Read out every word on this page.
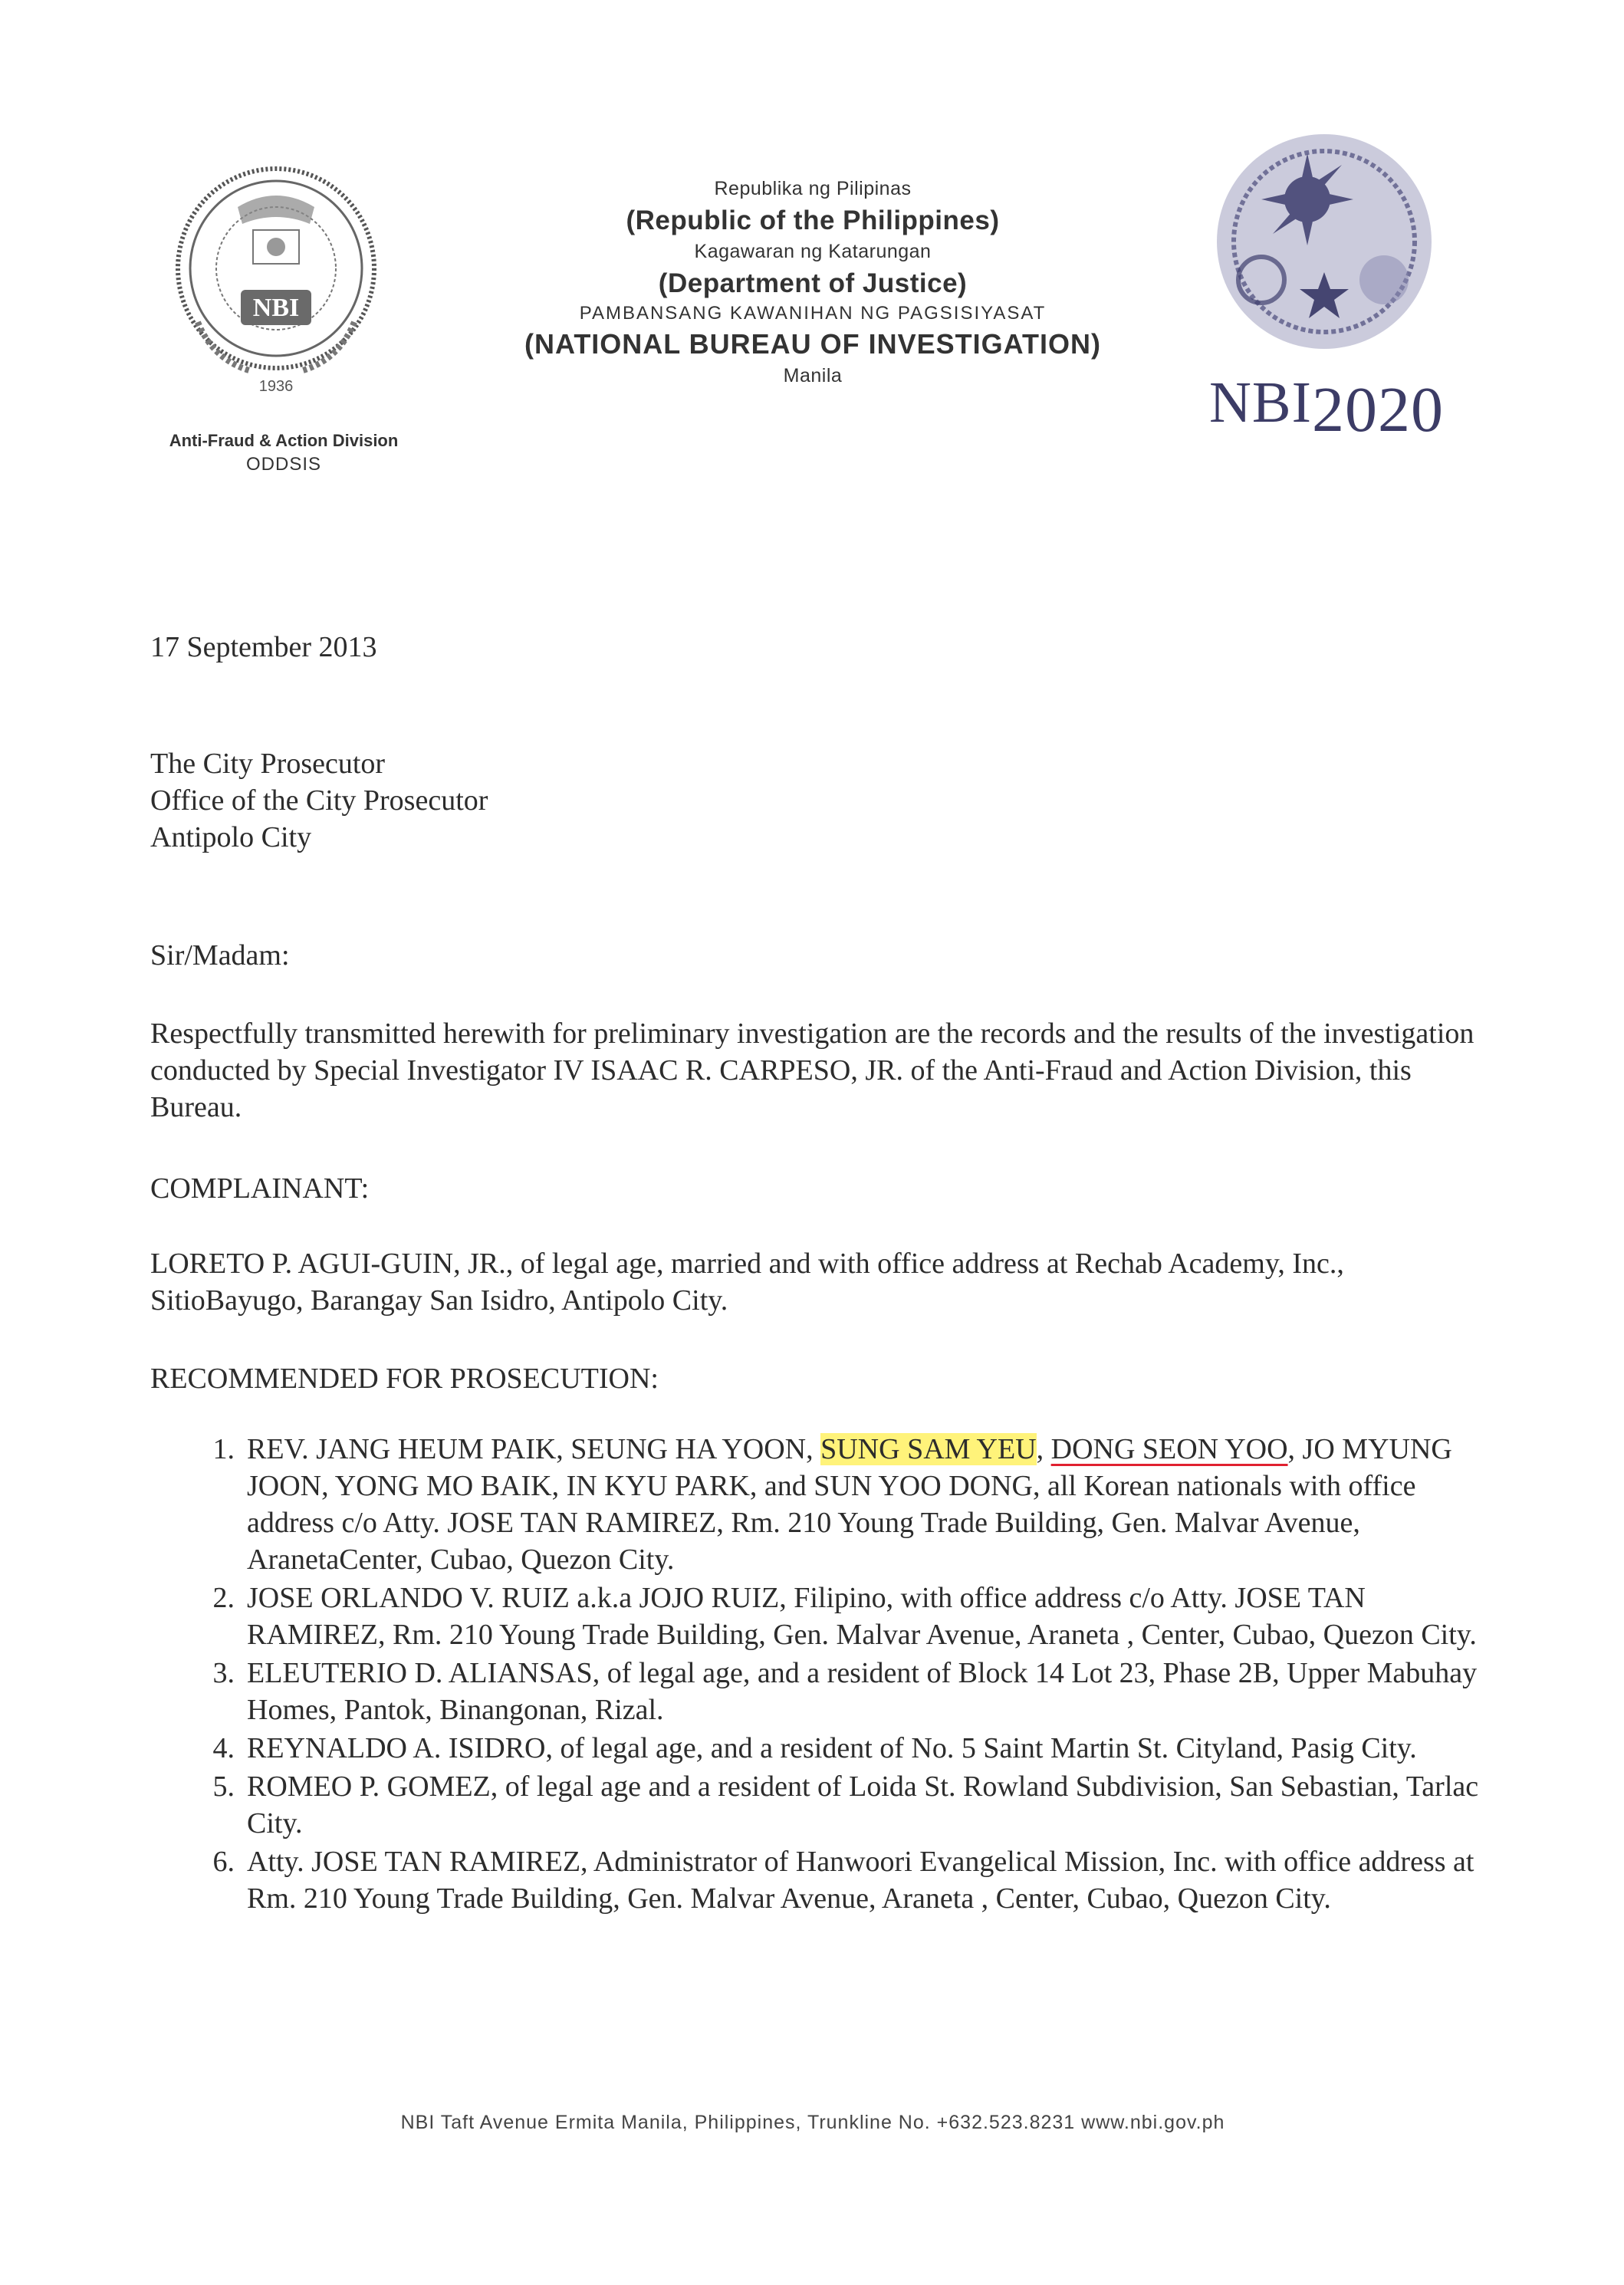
NBI
1936
Anti-Fraud & Action Division
ODDSIS
Republika ng Pilipinas
(Republic of the Philippines)
Kagawaran ng Katarungan
(Department of Justice)
PAMBANSANG KAWANIHAN NG PAGSISIYASAT
(NATIONAL BUREAU OF INVESTIGATION)
Manila	NBI2020
17 September 2013
The City Prosecutor
Office of the City Prosecutor
Antipolo City
Sir/Madam:
Respectfully transmitted herewith for preliminary investigation are the records and the results of the investigation conducted by Special Investigator IV ISAAC R. CARPESO, JR. of the Anti-Fraud and Action Division, this Bureau.
COMPLAINANT:
LORETO P. AGUI-GUIN, JR., of legal age, married and with office address at Rechab Academy, Inc., SitioBayugo, Barangay San Isidro, Antipolo City.
RECOMMENDED FOR PROSECUTION:
1. REV. JANG HEUM PAIK, SEUNG HA YOON, SUNG SAM YEU, DONG SEON YOO, JO MYUNG JOON, YONG MO BAIK, IN KYU PARK, and SUN YOO DONG, all Korean nationals with office address c/o Atty. JOSE TAN RAMIREZ, Rm. 210 Young Trade Building, Gen. Malvar Avenue, AranetaCenter, Cubao, Quezon City.
2. JOSE ORLANDO V. RUIZ a.k.a JOJO RUIZ, Filipino, with office address c/o Atty. JOSE TAN RAMIREZ, Rm. 210 Young Trade Building, Gen. Malvar Avenue, Araneta , Center, Cubao, Quezon City.
3. ELEUTERIO D. ALIANSAS, of legal age, and a resident of Block 14 Lot 23, Phase 2B, Upper Mabuhay Homes, Pantok, Binangonan, Rizal.
4. REYNALDO A. ISIDRO, of legal age, and a resident of No. 5 Saint Martin St. Cityland, Pasig City.
5. ROMEO P. GOMEZ, of legal age and a resident of Loida St. Rowland Subdivision, San Sebastian, Tarlac City.
6. Atty. JOSE TAN RAMIREZ, Administrator of Hanwoori Evangelical Mission, Inc. with office address at Rm. 210 Young Trade Building, Gen. Malvar Avenue, Araneta , Center, Cubao, Quezon City.
NBI Taft Avenue Ermita Manila, Philippines, Trunkline No. +632.523.8231 www.nbi.gov.ph
